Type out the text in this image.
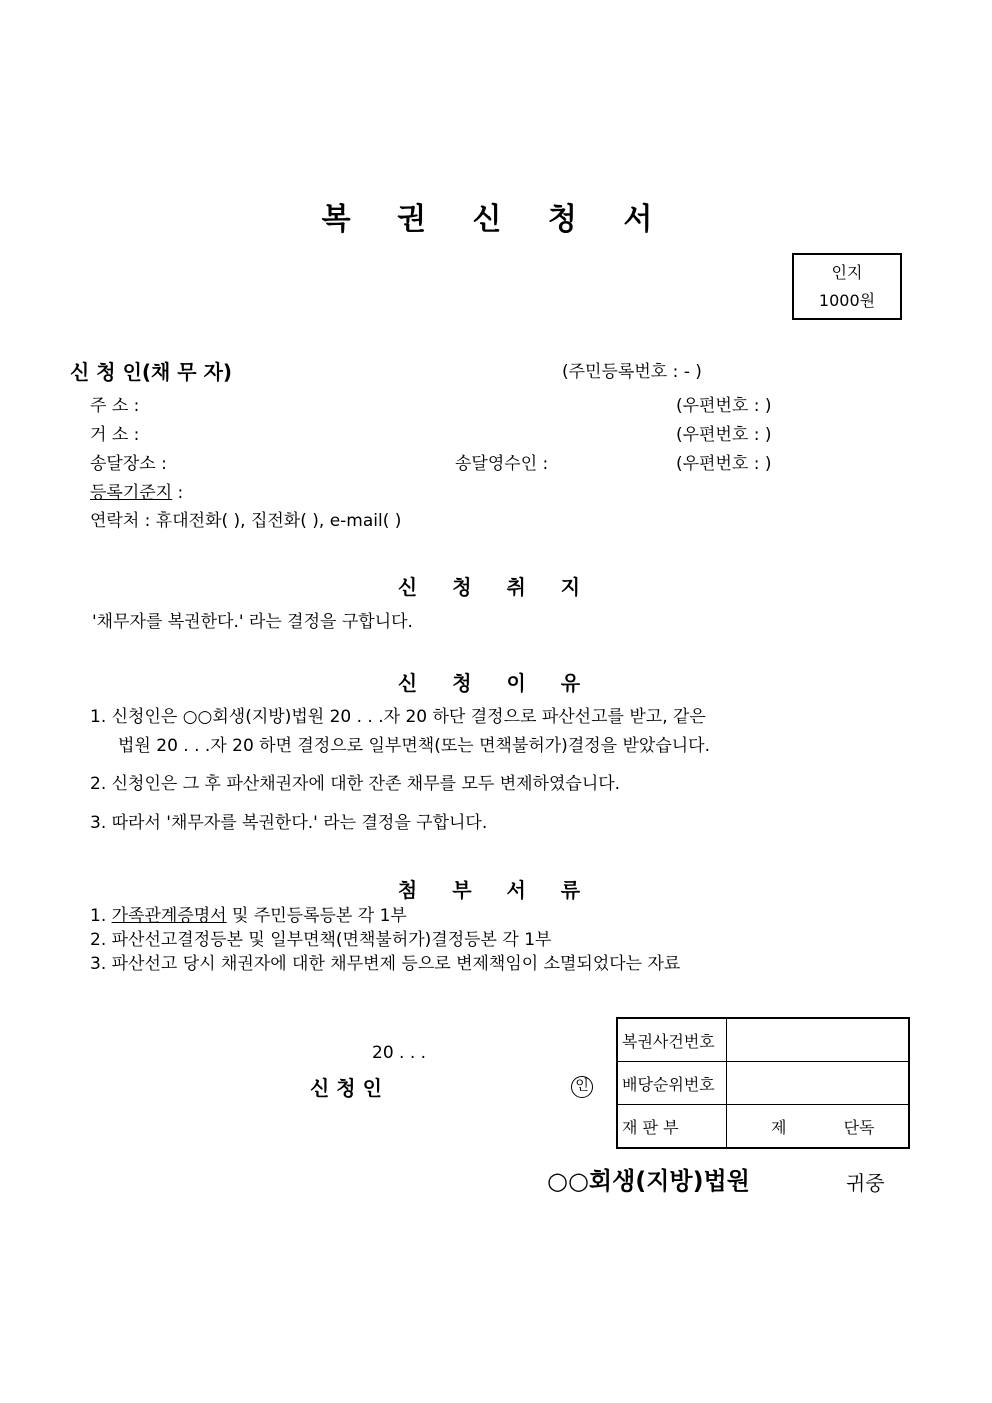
복 권 신 청 서
인지
1000원
신 청 인(채 무 자)	(주민등록번호 : - )
주 소 :	(우편번호 : )
거 소 :	(우편번호 : )
송달장소 :	송달영수인 :	(우편번호 : )
등록기준지 :
연락처 : 휴대전화( ), 집전화( ), e-mail( )
신 청 취 지
'채무자를 복권한다.' 라는 결정을 구합니다.
신 청 이 유
1. 신청인은 ○○회생(지방)법원 20 . . .자 20 하단 결정으로 파산선고를 받고, 같은
법원 20 . . .자 20 하면 결정으로 일부면책(또는 면책불허가)결정을 받았습니다.
2. 신청인은 그 후 파산채권자에 대한 잔존 채무를 모두 변제하였습니다.
3. 따라서 '채무자를 복권한다.' 라는 결정을 구합니다.
첨 부 서 류
1. 가족관계증명서 및 주민등록등본 각 1부
2. 파산선고결정등본 및 일부면책(면책불허가)결정등본 각 1부
3. 파산선고 당시 채권자에 대한 채무변제 등으로 변제책임이 소멸되었다는 자료
20 . . .
신 청 인	인
복권사건번호	
배당순위번호	
재 판 부	제 단독
○○회생(지방)법원	귀중
